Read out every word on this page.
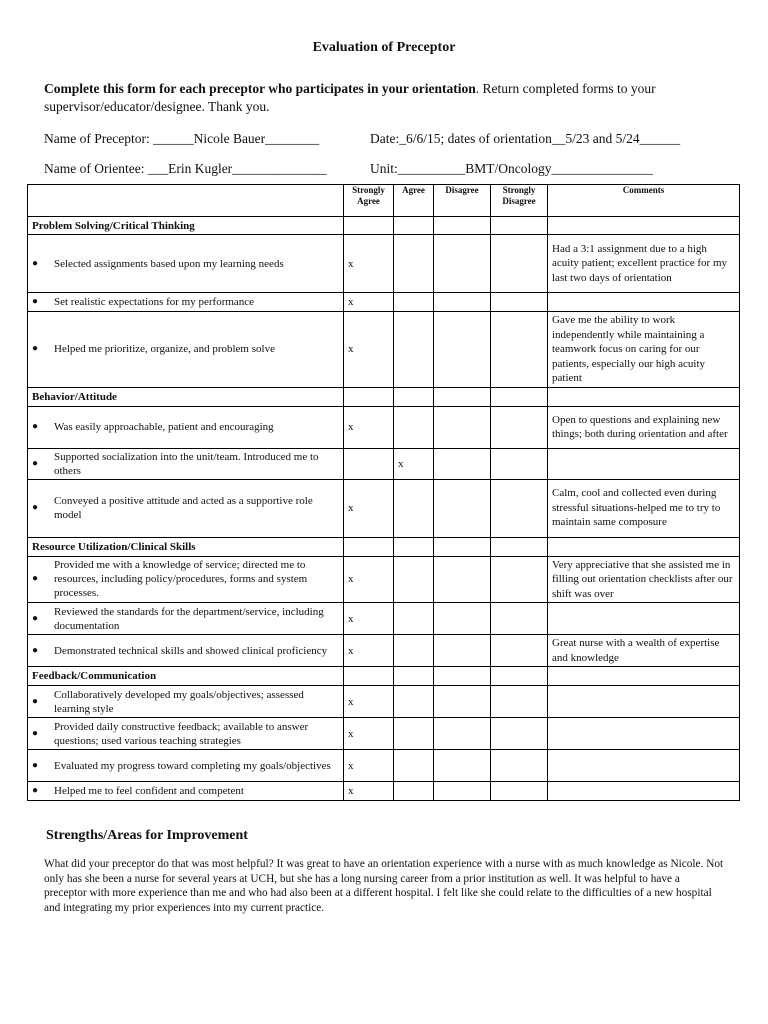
Evaluation of Preceptor
Complete this form for each preceptor who participates in your orientation. Return completed forms to your supervisor/educator/designee. Thank you.
Name of Preceptor: ______Nicole Bauer________	Date:_6/6/15; dates of orientation__5/23 and 5/24______
Name of Orientee: ___Erin Kugler______________	Unit:__________BMT/Oncology_______________
	Strongly Agree	Agree	Disagree	Strongly Disagree	Comments
Problem Solving/Critical Thinking					

● Selected assignments based upon my learning needs	x				Had a 3:1 assignment due to a high acuity patient; excellent practice for my last two days of orientation

● Set realistic expectations for my performance	x				

● Helped me prioritize, organize, and problem solve	x				Gave me the ability to work independently while maintaining a teamwork focus on caring for our patients, especially our high acuity patient
Behavior/Attitude					

● Was easily approachable, patient and encouraging	x				Open to questions and explaining new things; both during orientation and after

●
Supported socialization into the unit/team. Introduced me to others		x			

●
Conveyed a positive attitude and acted as a supportive role model	x				Calm, cool and collected even during stressful situations-helped me to try to maintain same composure
Resource Utilization/Clinical Skills					

●
Provided me with a knowledge of service; directed me to resources, including policy/procedures, forms and system processes.	x				Very appreciative that she assisted me in filling out orientation checklists after our shift was over

●
Reviewed the standards for the department/service, including documentation	x				

● Demonstrated technical skills and showed clinical proficiency	x				Great nurse with a wealth of expertise and knowledge
Feedback/Communication					

●
Collaboratively developed my goals/objectives; assessed learning style	x				

●
Provided daily constructive feedback; available to answer questions; used various teaching strategies	x				

● Evaluated my progress toward completing my goals/objectives	x				

● Helped me to feel confident and competent	x				
Strengths/Areas for Improvement
What did your preceptor do that was most helpful? It was great to have an orientation experience with a nurse with as much knowledge as Nicole. Not only has she been a nurse for several years at UCH, but she has a long nursing career from a prior institution as well. It was helpful to have a preceptor with more experience than me and who had also been at a different hospital. I felt like she could relate to the difficulties of a new hospital and integrating my prior experiences into my current practice.
